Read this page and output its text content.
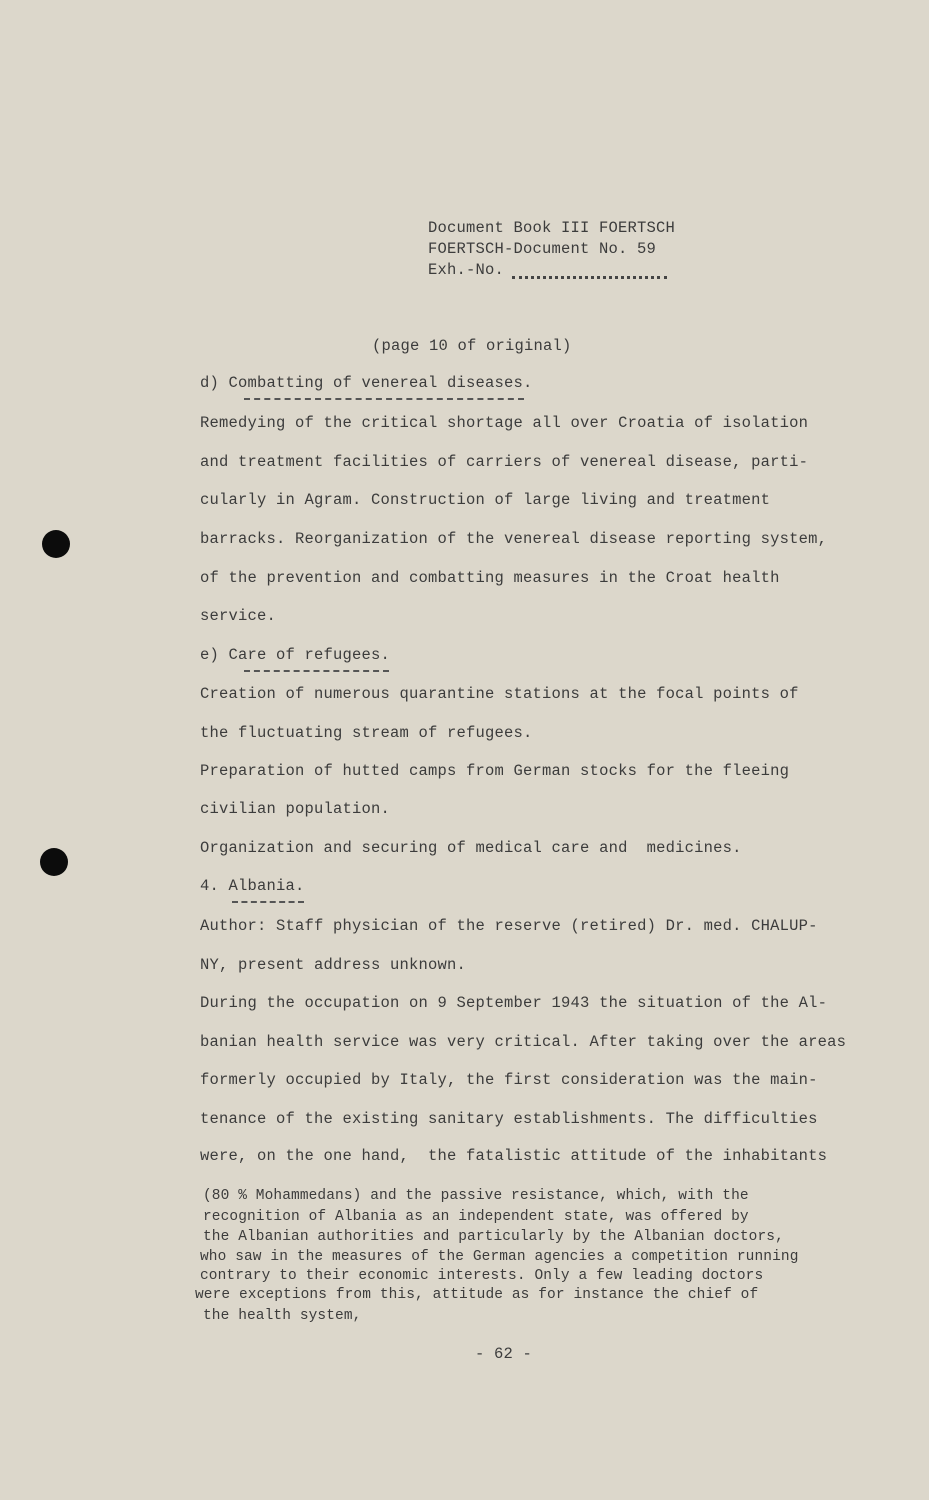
Document Book III FOERTSCH
FOERTSCH-Document No. 59
Exh.-No.
(page 10 of original)
d) Combatting of venereal diseases.
Remedying of the critical shortage all over Croatia of isolation
and treatment facilities of carriers of venereal disease, parti-
cularly in Agram. Construction of large living and treatment
barracks. Reorganization of the venereal disease reporting system,
of the prevention and combatting measures in the Croat health
service.
e) Care of refugees.
Creation of numerous quarantine stations at the focal points of
the fluctuating stream of refugees.
Preparation of hutted camps from German stocks for the fleeing
civilian population.
Organization and securing of medical care and  medicines.
4. Albania.
Author: Staff physician of the reserve (retired) Dr. med. CHALUP-
NY, present address unknown.
During the occupation on 9 September 1943 the situation of the Al-
banian health service was very critical. After taking over the areas
formerly occupied by Italy, the first consideration was the main-
tenance of the existing sanitary establishments. The difficulties
were, on the one hand,  the fatalistic attitude of the inhabitants
(80 % Mohammedans) and the passive resistance, which, with the
recognition of Albania as an independent state, was offered by
the Albanian authorities and particularly by the Albanian doctors,
who saw in the measures of the German agencies a competition running
contrary to their economic interests. Only a few leading doctors
were exceptions from this, attitude as for instance the chief of
the health system,
- 62 -
